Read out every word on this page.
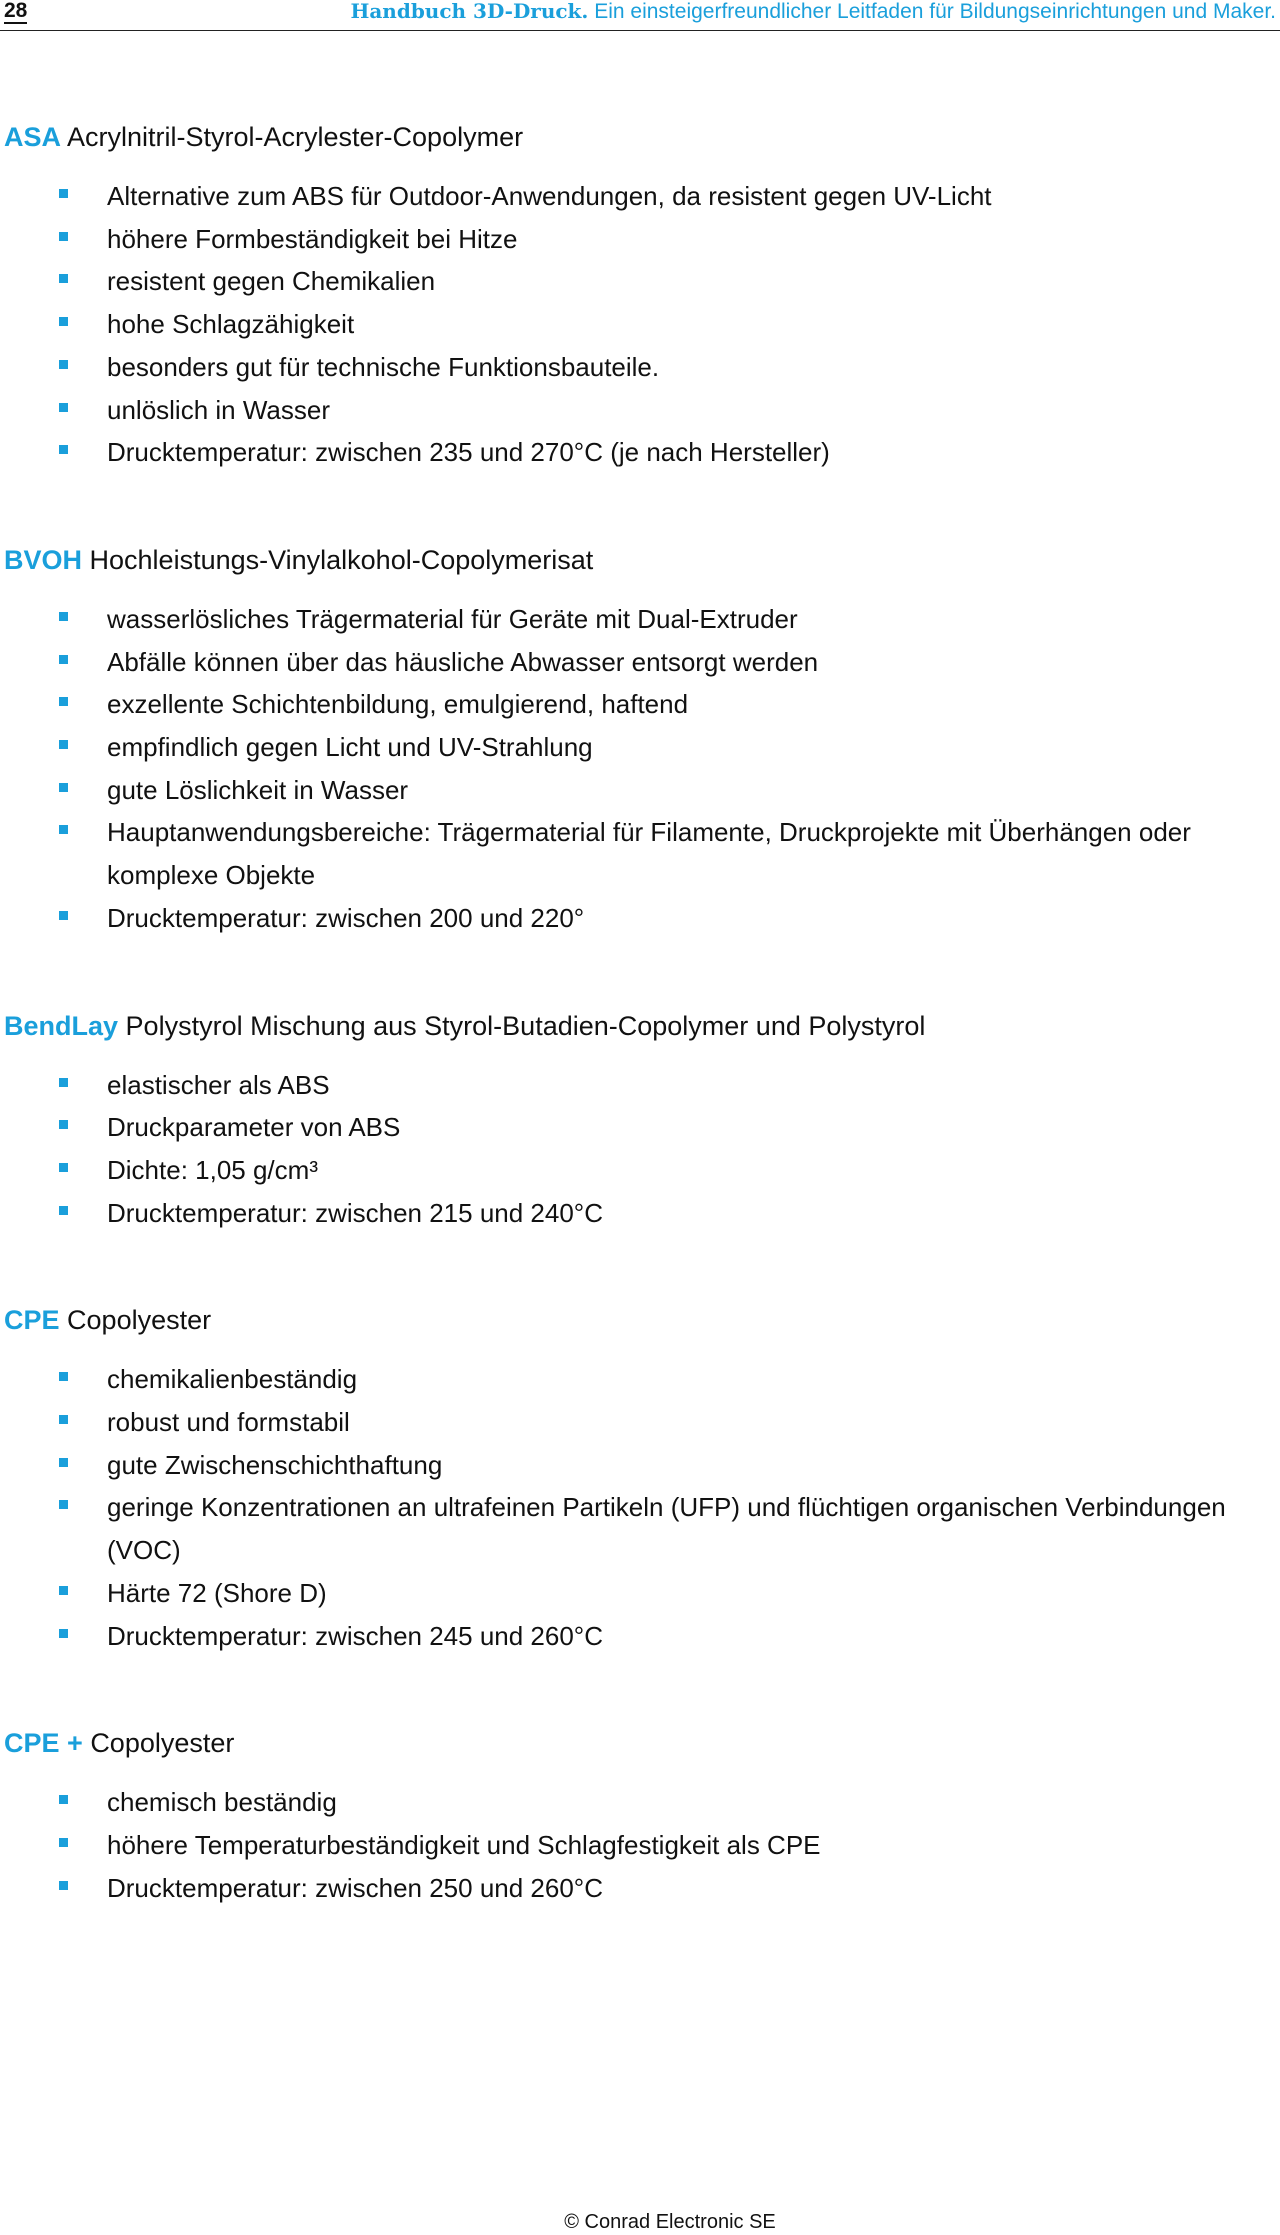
28	Handbuch 3D-Druck. Ein einsteigerfreundlicher Leitfaden für Bildungseinrichtungen und Maker.
ASA Acrylnitril-Styrol-Acrylester-Copolymer
Alternative zum ABS für Outdoor-Anwendungen, da resistent gegen UV-Licht
höhere Formbeständigkeit bei Hitze
resistent gegen Chemikalien
hohe Schlagzähigkeit
besonders gut für technische Funktionsbauteile.
unlöslich in Wasser
Drucktemperatur: zwischen 235 und 270°C (je nach Hersteller)
BVOH Hochleistungs-Vinylalkohol-Copolymerisat
wasserlösliches Trägermaterial für Geräte mit Dual-Extruder
Abfälle können über das häusliche Abwasser entsorgt werden
exzellente Schichtenbildung, emulgierend, haftend
empfindlich gegen Licht und UV-Strahlung
gute Löslichkeit in Wasser
Hauptanwendungsbereiche: Trägermaterial für Filamente, Druckprojekte mit Überhängen oder komplexe Objekte
Drucktemperatur: zwischen 200 und 220°
BendLay Polystyrol Mischung aus Styrol-Butadien-Copolymer und Polystyrol
elastischer als ABS
Druckparameter von ABS
Dichte: 1,05 g/cm³
Drucktemperatur: zwischen 215 und 240°C
CPE Copolyester
chemikalienbeständig
robust und formstabil
gute Zwischenschichthaftung
geringe Konzentrationen an ultrafeinen Partikeln (UFP) und flüchtigen organischen Verbindungen (VOC)
Härte 72 (Shore D)
Drucktemperatur: zwischen 245 und 260°C
CPE + Copolyester
chemisch beständig
höhere Temperaturbeständigkeit und Schlagfestigkeit als CPE
Drucktemperatur: zwischen 250 und 260°C
© Conrad Electronic SE
